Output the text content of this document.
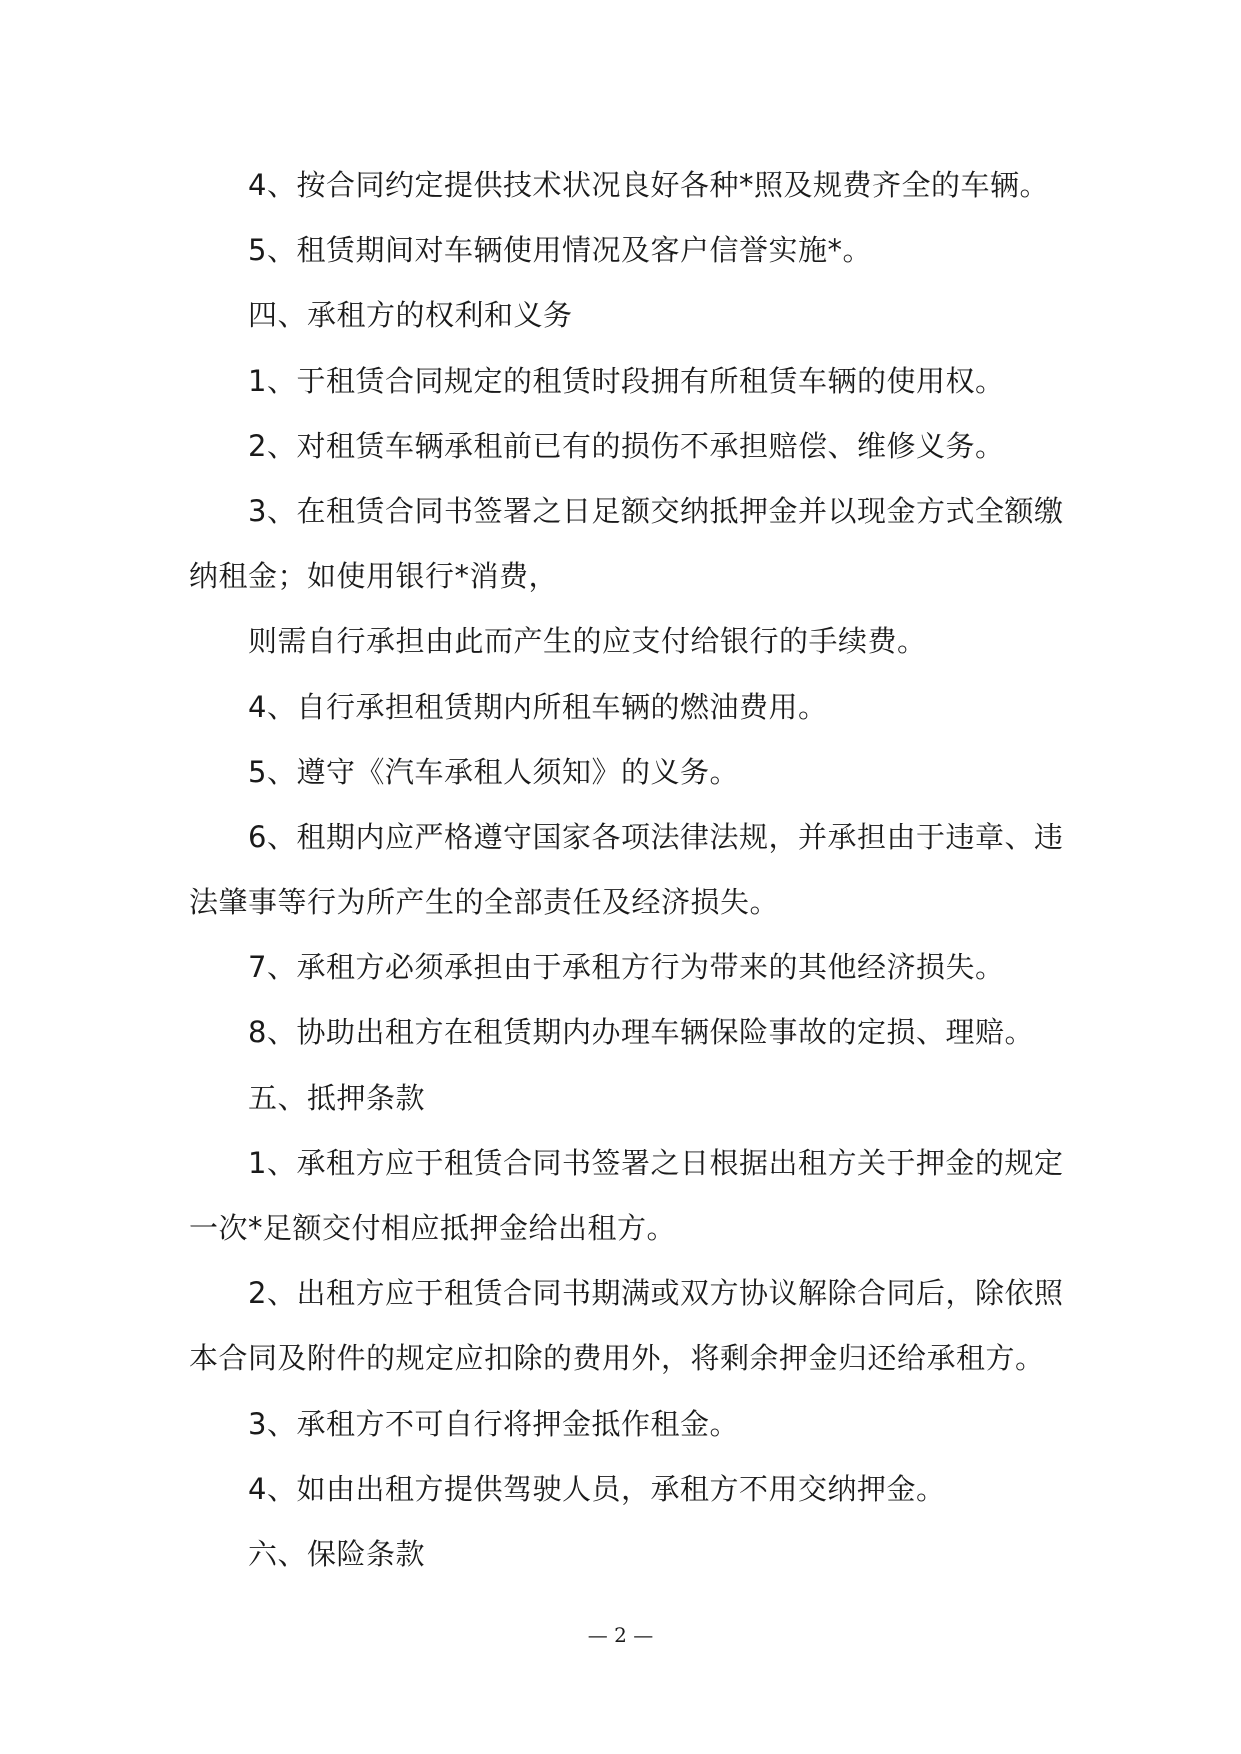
4、按合同约定提供技术状况良好各种*照及规费齐全的车辆。
5、租赁期间对车辆使用情况及客户信誉实施*。
四、承租方的权利和义务
1、于租赁合同规定的租赁时段拥有所租赁车辆的使用权。
2、对租赁车辆承租前已有的损伤不承担赔偿、维修义务。
3、在租赁合同书签署之日足额交纳抵押金并以现金方式全额缴
纳租金；如使用银行*消费，
则需自行承担由此而产生的应支付给银行的手续费。
4、自行承担租赁期内所租车辆的燃油费用。
5、遵守《汽车承租人须知》的义务。
6、租期内应严格遵守国家各项法律法规，并承担由于违章、违
法肇事等行为所产生的全部责任及经济损失。
7、承租方必须承担由于承租方行为带来的其他经济损失。
8、协助出租方在租赁期内办理车辆保险事故的定损、理赔。
五、抵押条款
1、承租方应于租赁合同书签署之日根据出租方关于押金的规定
一次*足额交付相应抵押金给出租方。
2、出租方应于租赁合同书期满或双方协议解除合同后，除依照
本合同及附件的规定应扣除的费用外，将剩余押金归还给承租方。
3、承租方不可自行将押金抵作租金。
4、如由出租方提供驾驶人员，承租方不用交纳押金。
六、保险条款
— 2 —
